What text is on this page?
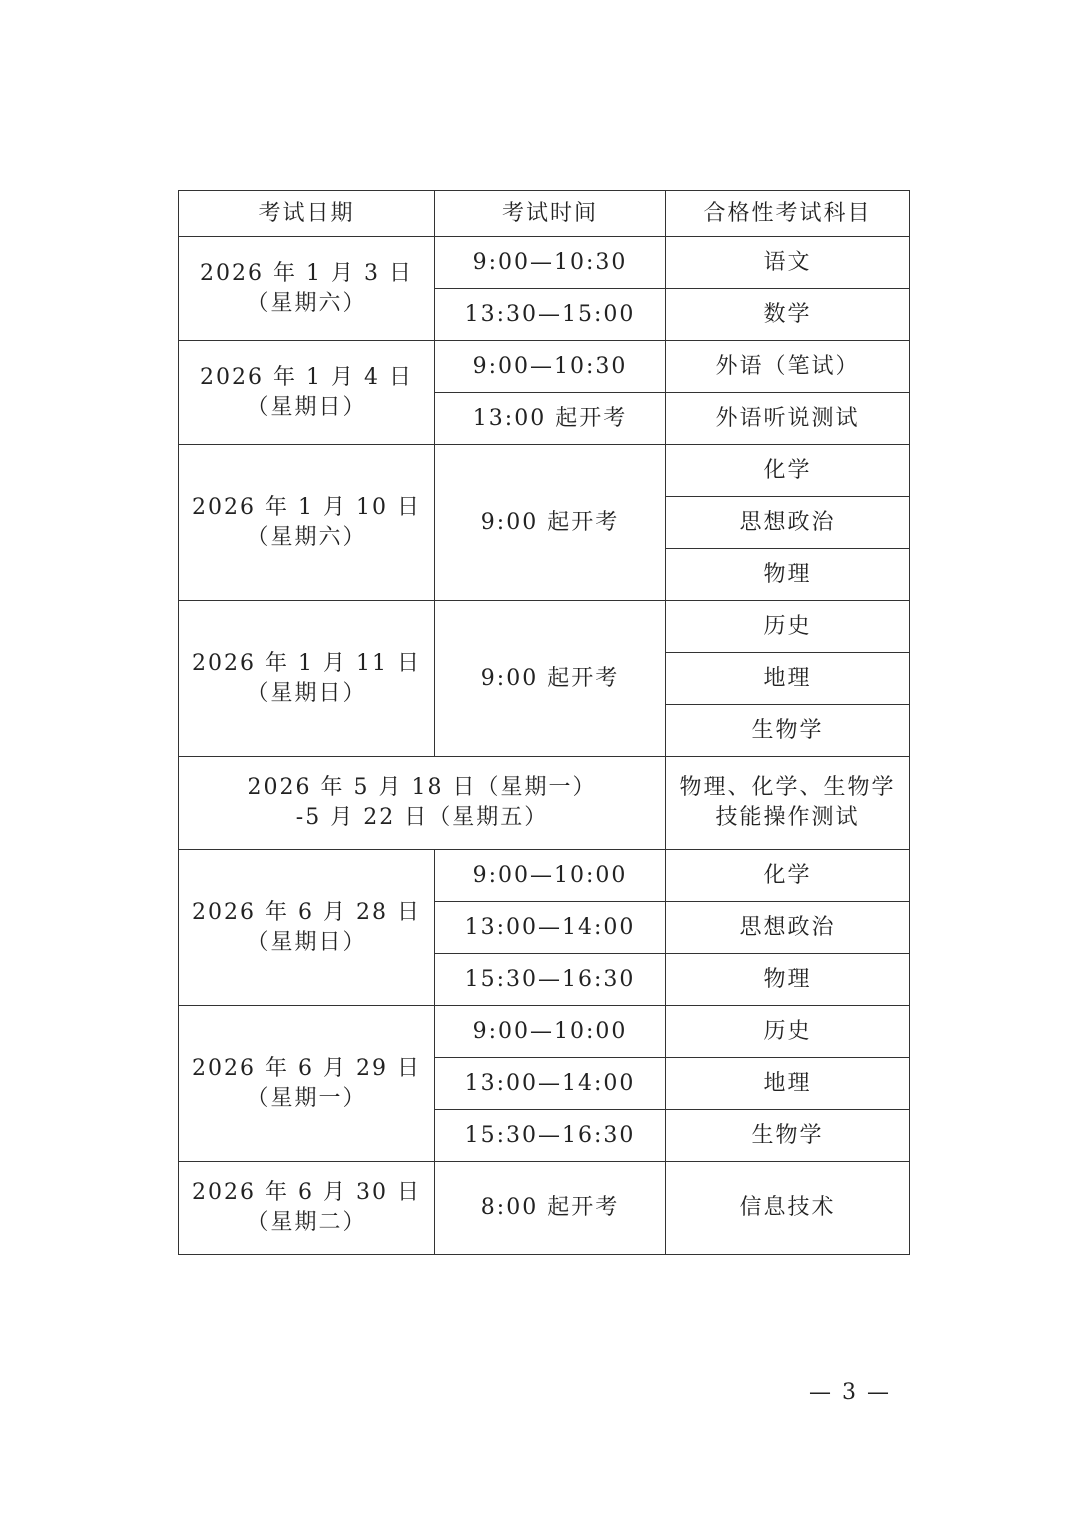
考试日期	考试时间	合格性考试科目

2026 年 1 月 3 日
（星期六）	9:00—10:30	语文
	13:30—15:00	数学

2026 年 1 月 4 日
（星期日）	9:00—10:30	外语（笔试）
	13:00 起开考	外语听说测试

2026 年 1 月 10 日
（星期六）	9:00 起开考	化学
		思想政治
		物理

2026 年 1 月 11 日
（星期日）	9:00 起开考	历史
		地理
		生物学

2026 年 5 月 18 日（星期一）
-5 月 22 日（星期五）		物理、化学、生物学
技能操作测试

2026 年 6 月 28 日
（星期日）	9:00—10:00	化学
	13:00—14:00	思想政治
	15:30—16:30	物理

2026 年 6 月 29 日
（星期一）	9:00—10:00	历史
	13:00—14:00	地理
	15:30—16:30	生物学

2026 年 6 月 30 日
（星期二）	8:00 起开考	信息技术
— 3 —
